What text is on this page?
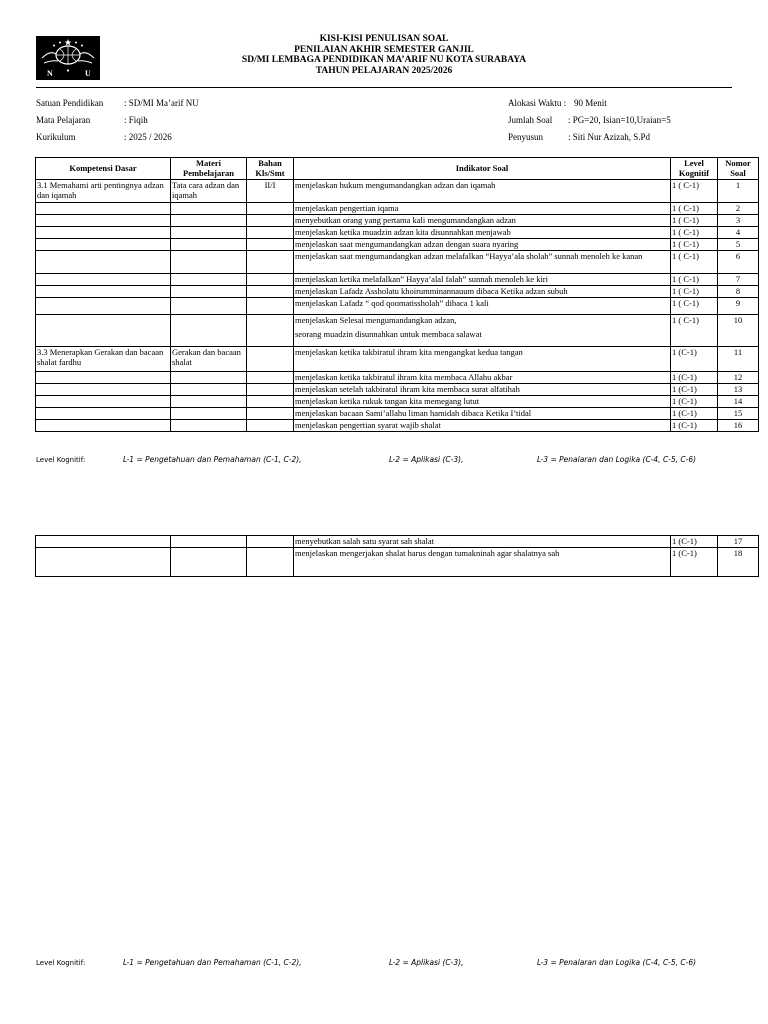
N	U
KISI-KISI PENULISAN SOAL
PENILAIAN AKHIR SEMESTER GANJIL
SD/MI LEMBAGA PENDIDIKAN MA’ARIF NU KOTA SURABAYA
TAHUN PELAJARAN 2025/2026
Satuan Pendidikan : SD/MI Ma’arif NU
Mata Pelajaran	: Fiqih
Kurikulum	: 2025 / 2026
Alokasi Waktu : 90 Menit
Jumlah Soal : PG=20, Isian=10,Uraian=5
Penyusun	: Siti Nur Azizah, S.Pd
Kompetensi Dasar	Materi Pembelajaran	Bahan Kls/Smt	Indikator Soal	Level Kognitif	Nomor Soal
3.1 Memahami arti pentingnya adzan dan iqamah	Tata cara adzan dan iqamah	II/I	menjelaskan hukum mengumandangkan adzan dan iqamah	1 ( C-1)	1
			menjelaskan pengertian iqama	1 ( C-1)	2
			menyebutkan orang yang pertama kali mengumandangkan adzan	1 ( C-1)	3
			menjelaskan ketika muadzin adzan kita disunnahkan menjawab	1 ( C-1)	4
			menjelaskan saat mengumandangkan adzan dengan suara nyaring	1 ( C-1)	5
			menjelaskan saat mengumandangkan adzan melafalkan “Hayya’ala sholah” sunnah menoleh ke kanan	1 ( C-1)	6
			menjelaskan ketika melafalkan” Hayya’alal falah” sunnah menoleh ke kiri	1 ( C-1)	7
			menjelaskan Lafadz Assholatu khoirumminannauum dibaca Ketika adzan subuh	1 ( C-1)	8
			menjelaskan Lafadz “ qod qoomatissholah” dibaca 1 kali	1 ( C-1)	9

			menjelaskan Selesai mengumandangkan adzan,
seorang muadzin disunnahkan untuk membaca salawat	1 ( C-1)	10
3.3 Menerapkan Gerakan dan bacaan shalat fardhu	Gerakan dan bacaan shalat		menjelaskan ketika takbiratul ihram kita mengangkat kedua tangan	1 (C-1)	11
			menjelaskan ketika takbiratul ihram kita membaca Allahu akbar	1 (C-1)	12
			menjelaskan setelah takbiratul ihram kita membaca surat alfatihah	1 (C-1)	13
			menjelaskan ketika rukuk tangan kita memegang lutut	1 (C-1)	14
			menjelaskan bacaan Sami’allahu liman hamidah dibaca Ketika I’tidal	1 (C-1)	15
			menjelaskan pengertian syarat wajib shalat	1 (C-1)	16
Level Kognitif:	L-1 = Pengetahuan dan Pemahaman (C-1, C-2),	L-2 = Aplikasi (C-3),	L-3 = Penalaran dan Logika (C-4, C-5, C-6)
			menyebutkan salah satu syarat sah shalat	1 (C-1)	17
			menjelaskan mengerjakan shalat harus dengan tumakninah agar shalatnya sah	1 (C-1)	18
Level Kognitif:	L-1 = Pengetahuan dan Pemahaman (C-1, C-2),	L-2 = Aplikasi (C-3),	L-3 = Penalaran dan Logika (C-4, C-5, C-6)
